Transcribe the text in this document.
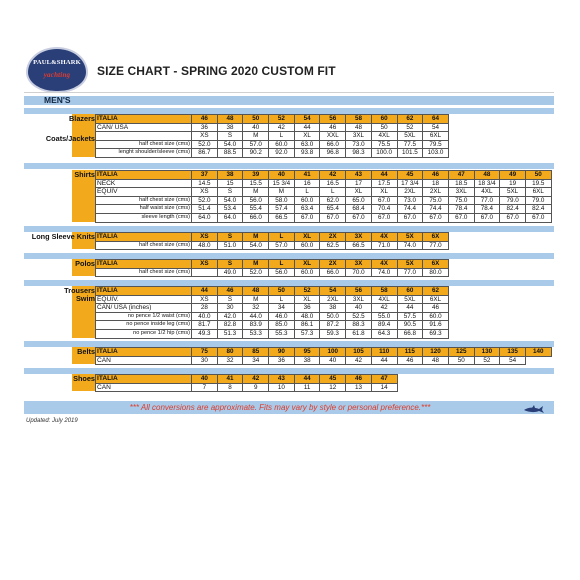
PAUL&SHARK
yachting	SIZE CHART - SPRING 2020 CUSTOM FIT
MEN'S
Blazers
Coats/Jackets
ITALIA	46	48	50	52	54	56	58	60	62	64
CAN/ USA	36	38	40	42	44	46	48	50	52	54
	XS	S	M	L	XL	XXL	3XL	4XL	5XL	6XL
half chest size (cms)	52.0	54.0	57.0	60.0	63.0	66.0	73.0	75.5	77.5	79.5
lenght shoulder/sleeve (cms)	86.7	88.5	90.2	92.0	93.8	96.8	98.3	100.0	101.5	103.0
Shirts ITALIA	37	38	39	40	41	42	43	44	45	46	47	48	49	50
NECK	14.5	15	15.5	15 3/4	16	16.5	17	17.5	17 3/4	18	18.5	18 3/4	19	19.5
EQUIV	XS	S	M	M	L	L	XL	XL	2XL	2XL	3XL	4XL	5XL	6XL
half chest size (cms)	52.0	54.0	56.0	58.0	60.0	62.0	65.0	67.0	73.0	75.0	75.0	77.0	79.0	79.0
half waist size (cms)	51.4	53.4	55.4	57.4	63.4	65.4	68.4	70.4	74.4	74.4	78.4	78.4	82.4	82.4
sleeve length (cms)	64.0	64.0	66.0	66.5	67.0	67.0	67.0	67.0	67.0	67.0	67.0	67.0	67.0	67.0
Long Sleeve Knits ITALIA	XS	S	M	L	XL	2X	3X	4X	5X	6X
half chest size (cms)	48.0	51.0	54.0	57.0	60.0	62.5	66.5	71.0	74.0	77.0
Polos ITALIA	XS	S	M	L	XL	2X	3X	4X	5X	6X
half chest size (cms)		49.0	52.0	56.0	60.0	66.0	70.0	74.0	77.0	80.0
Trousers
Swim
ITALIA	44	46	48	50	52	54	56	58	60	62
EQUIV.	XS	S	M	L	XL	2XL	3XL	4XL	5XL	6XL
CAN/ USA (inches)	28	30	32	34	36	38	40	42	44	46
no pence 1/2 waist (cms)	40.0	42.0	44.0	46.0	48.0	50.0	52.5	55.0	57.5	60.0
no pence inside leg (cms)	81.7	82.8	83.9	85.0	86.1	87.2	88.3	89.4	90.5	91.6
no pence 1/2 hip (cms)	49.3	51.3	53.3	55.3	57.3	59.3	61.8	64.3	66.8	69.3
Belts ITALIA	75	80	85	90	95	100	105	110	115	120	125	130	135	140
CAN	30	32	34	36	38	40	42	44	46	48	50	52	54	
Shoes ITALIA	40	41	42	43	44	45	46	47
CAN	7	8	9	10	11	12	13	14
*** All conversions are approximate. Fits may vary by style or personal preference.***
Updated: July 2019
